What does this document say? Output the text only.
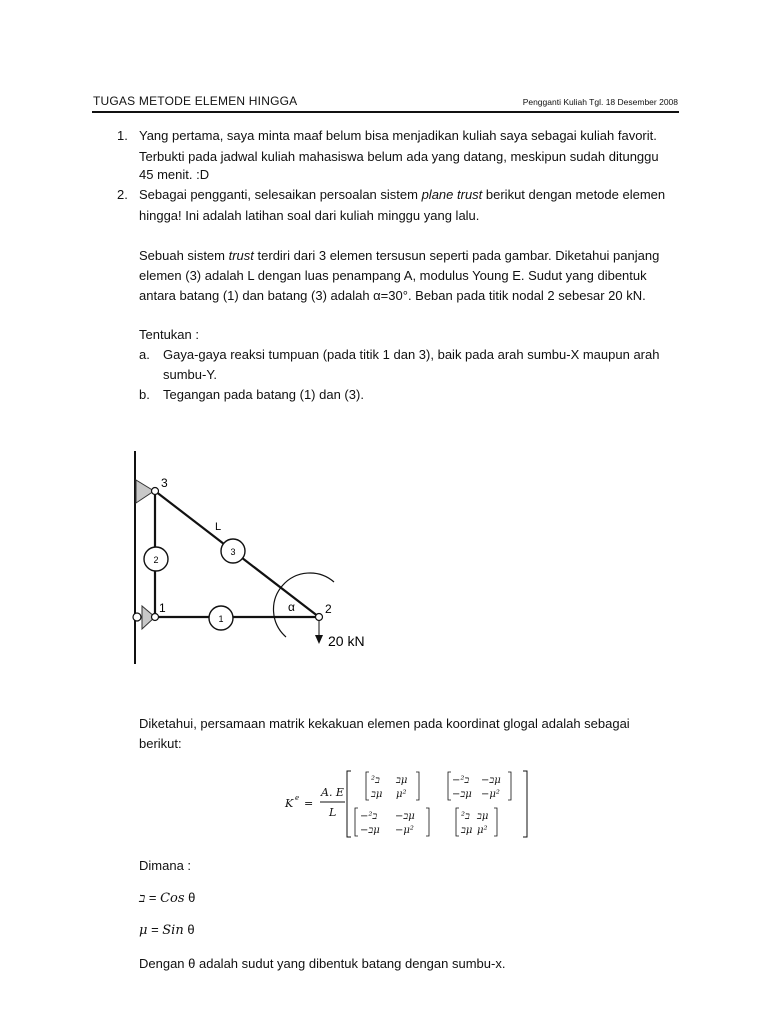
TUGAS METODE ELEMEN HINGGA	Pengganti Kuliah Tgl. 18 Desember 2008
1. Yang pertama, saya minta maaf belum bisa menjadikan kuliah saya sebagai kuliah favorit.
Terbukti pada jadwal kuliah mahasiswa belum ada yang datang, meskipun sudah ditunggu
45 menit. :D
2. Sebagai pengganti, selesaikan persoalan sistem plane trust berikut dengan metode elemen
hingga! Ini adalah latihan soal dari kuliah minggu yang lalu.
Sebuah sistem trust terdiri dari 3 elemen tersusun seperti pada gambar. Diketahui panjang
elemen (3) adalah L dengan luas penampang A, modulus Young E. Sudut yang dibentuk
antara batang (1) dan batang (3) adalah α=30°. Beban pada titik nodal 2 sebesar 20 kN.
Tentukan :
a. Gaya-gaya reaksi tumpuan (pada titik 1 dan 3), baik pada arah sumbu-X maupun arah
sumbu-Y.
b. Tegangan pada batang (1) dan (3).
2
1
3
3
1	2
L
α
20 kN
Diketahui, persamaan matrik kekakuan elemen pada koordinat glogal adalah sebagai
berikut:
K e =
A. E
L
ב² בμ
בμ μ²
−ב² −בμ
−בμ −μ²
−ב² −בμ
−בμ −μ²
ב² בμ
בμ μ²
Dimana :
ב = Cos θ
μ = Sin θ
Dengan θ adalah sudut yang dibentuk batang dengan sumbu-x.
